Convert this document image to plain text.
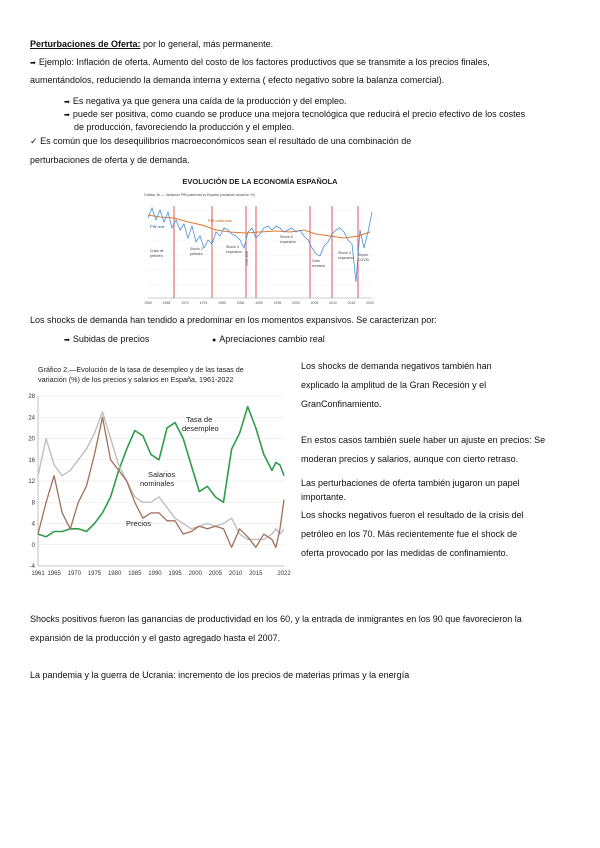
Perturbaciones de Oferta: por lo general, más permanente.
➡ Ejemplo: Inflación de oferta. Aumento del costo de los factores productivos que se transmite a los precios finales,
aumentándolos, reduciendo la demanda interna y externa ( efecto negativo sobre la balanza comercial).
➡ Es negativa ya que genera una caída de la producción y del empleo.
➡ puede ser positiva, como cuando se produce una mejora tecnológica que reducirá el precio efectivo de los costes
de producción, favoreciendo la producción y el empleo.
✓ Es común que los desequilibrios macroeconómicos sean el resultado de una combinación de
perturbaciones de oferta y de demanda.
EVOLUCIÓN DE LA ECONOMÍA ESPAÑOLA
Gráfico 1b — Variación PIB potencial vs España (variación anual en %)
PIB real
PIB potencial
Crisis de
petróleo
Shock 2
petróleo
Shock 3
expansión crisis SME
Shock 5
expansión
Gran
recesión
Shock 4
expansión
Shock
COVID
1960	1965	1970	1975	1980	1985	1990	1995	2000	2005	2010	2015	2022
Los shocks de demanda han tendido a predominar en los momentos expansivos. Se caracterizan por:
➡ Subidas de precios	● Apreciaciones cambio real
Gráfico 2.—Evolución de la tasa de desempleo y de las tasas de
variación (%) de los precios y salarios en España, 1961-2022
28
24
20
16
12
8
4
0
-4
1961 1965 1970 1975 1980 1985 1990 1995 2000 2005 2010 2015 2022
Tasa de
desempleo
Salarios
nominales
Precios
Los shocks de demanda negativos también han
explicado la amplitud de la Gran Recesión y el
GranConfinamiento.
En estos casos también suele haber un ajuste en precios: Se
moderan precios y salarios, aunque con cierto retraso.
Las perturbaciones de oferta también jugaron un papel
importante.
Los shocks negativos fueron el resultado de la crisis del
petróleo en los 70. Más recientemente fue el shock de
oferta provocado por las medidas de confinamiento.
Shocks positivos fueron las ganancias de productividad en los 60, y la entrada de inmigrantes en los 90 que favorecieron la
expansión de la producción y el gasto agregado hasta el 2007.
La pandemia y la guerra de Ucrania: incremento de los precios de materias primas y la energía
